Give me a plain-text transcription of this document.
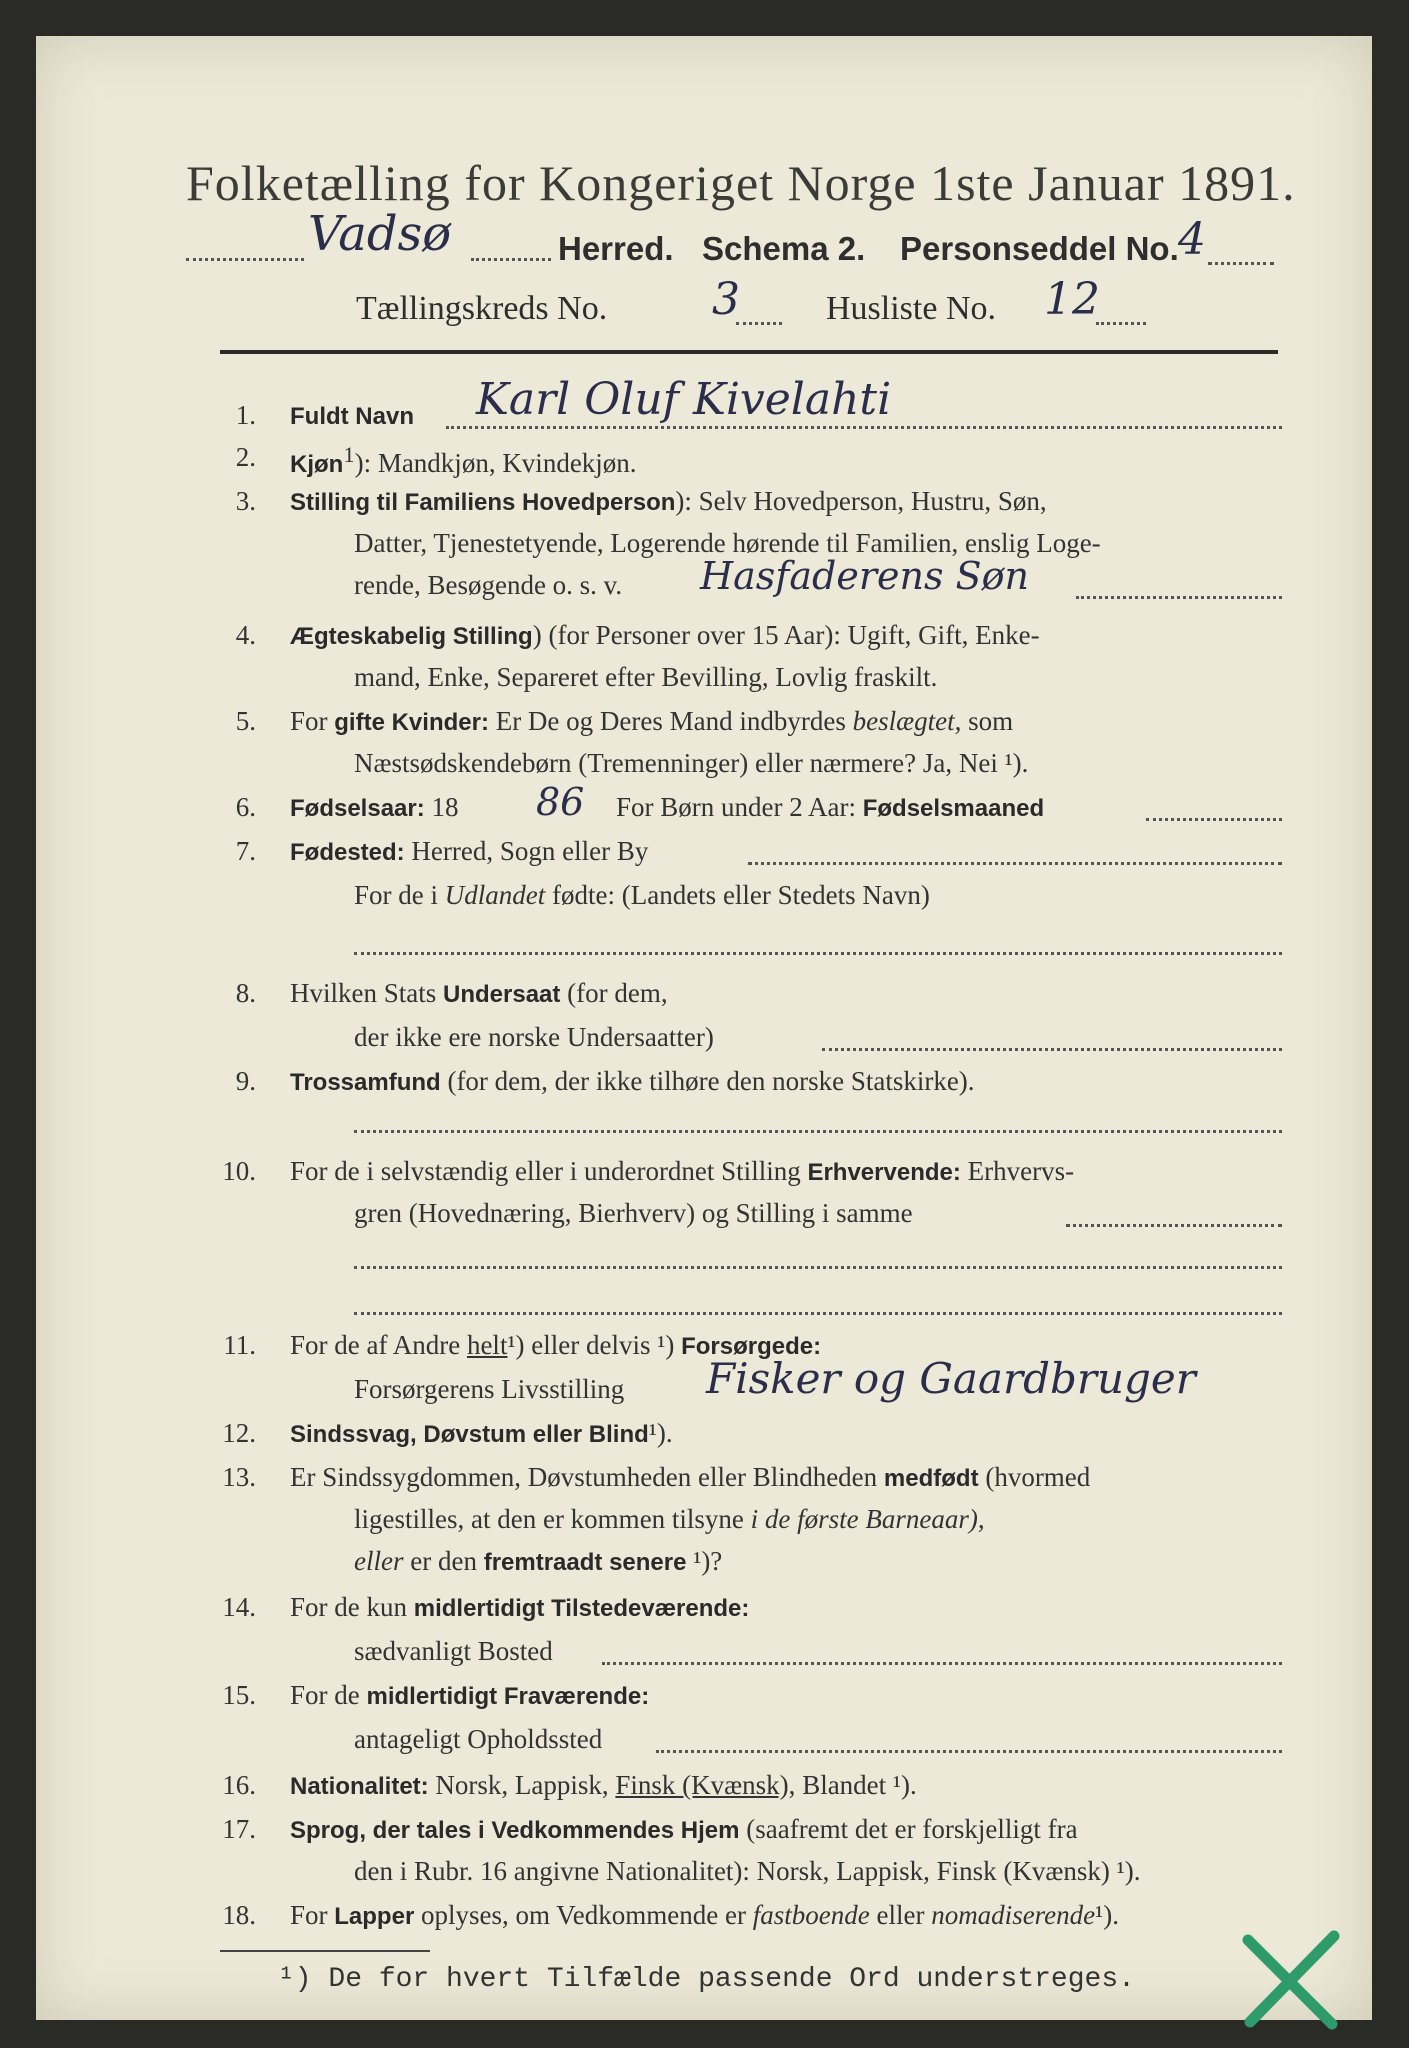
Folketælling for Kongeriget Norge 1ste Januar 1891.
Vadsø	Herred. Schema 2. Personseddel No. 4
Tællingskreds No. 3	Husliste No. 12
1. Fuldt Navn Karl Oluf Kivelahti
2. Kjøn$^1$): Mandkjøn, Kvindekjøn.
3. Stilling til Familiens Hovedperson): Selv Hovedperson, Hustru, Søn,
Datter, Tjenestetyende, Logerende hørende til Familien, enslig Loge-
rende, Besøgende o. s. v. Hasfaderens Søn
4. Ægteskabelig Stilling) (for Personer over 15 Aar): Ugift, Gift, Enke-
mand, Enke, Separeret efter Bevilling, Lovlig fraskilt.
5. For gifte Kvinder: Er De og Deres Mand indbyrdes beslægtet, som
Næstsødskendebørn (Tremenninger) eller nærmere? Ja, Nei ¹).
6. Fødselsaar: 18 86 For Børn under 2 Aar: Fødselsmaaned
7. Fødested: Herred, Sogn eller By
For de i Udlandet fødte: (Landets eller Stedets Navn)
8. Hvilken Stats Undersaat (for dem,
der ikke ere norske Undersaatter)
9. Trossamfund (for dem, der ikke tilhøre den norske Statskirke).
10. For de i selvstændig eller i underordnet Stilling Erhvervende: Erhvervs-
gren (Hovednæring, Bierhverv) og Stilling i samme
11. For de af Andre helt¹) eller delvis ¹) Forsørgede:
Forsørgerens Livsstilling Fisker og Gaardbruger
12. Sindssvag, Døvstum eller Blind¹).
13. Er Sindssygdommen, Døvstumheden eller Blindheden medfødt (hvormed
ligestilles, at den er kommen tilsyne i de første Barneaar),
eller er den fremtraadt senere ¹)?
14. For de kun midlertidigt Tilstedeværende:
sædvanligt Bosted
15. For de midlertidigt Fraværende:
antageligt Opholdssted
16. Nationalitet: Norsk, Lappisk, Finsk (Kvænsk), Blandet ¹).
17. Sprog, der tales i Vedkommendes Hjem (saafremt det er forskjelligt fra
den i Rubr. 16 angivne Nationalitet): Norsk, Lappisk, Finsk (Kvænsk) ¹).
18. For Lapper oplyses, om Vedkommende er fastboende eller nomadiserende¹).
¹) De for hvert Tilfælde passende Ord understreges.
